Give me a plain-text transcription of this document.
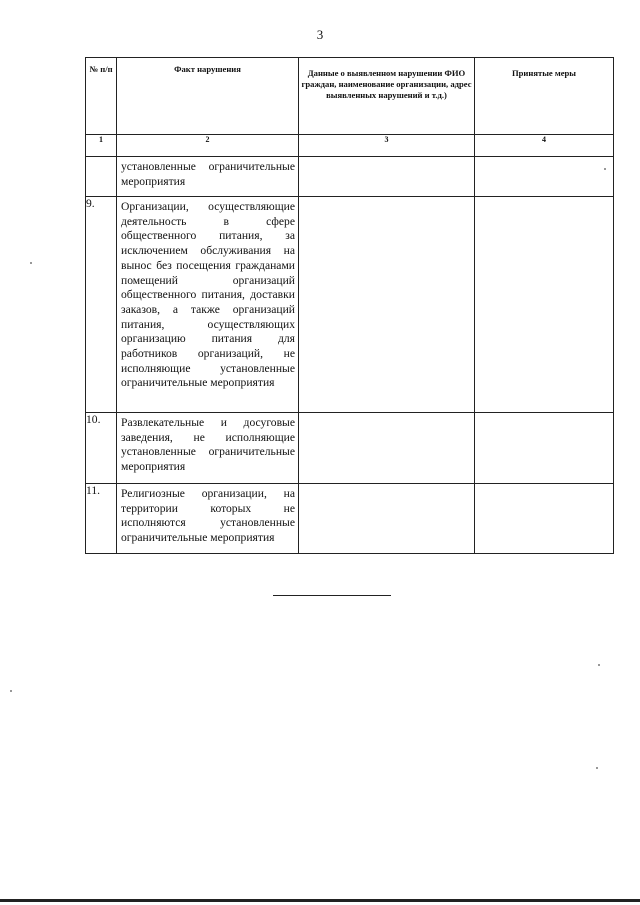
3
№ п/п	Факт нарушения	Данные о выявленном нарушении ФИО граждан, наименование организации, адрес выявленных нарушений и т.д.)	Принятые меры

1	2	3	4

	установленные ограничительные мероприятия		

9.	Организации, осуществляющие деятельность в сфере общественного питания, за исключением обслуживания на вынос без посещения гражданами помещений организаций общественного питания, доставки заказов, а также организаций питания, осуществляющих организацию питания для работников организаций, не исполняющие установленные ограничительные мероприятия		

10.	Развлекательные и досуговые заведения, не исполняющие установленные ограничительные мероприятия		

11.	Религиозные организации, на территории которых не исполняются установленные ограничительные мероприятия		
